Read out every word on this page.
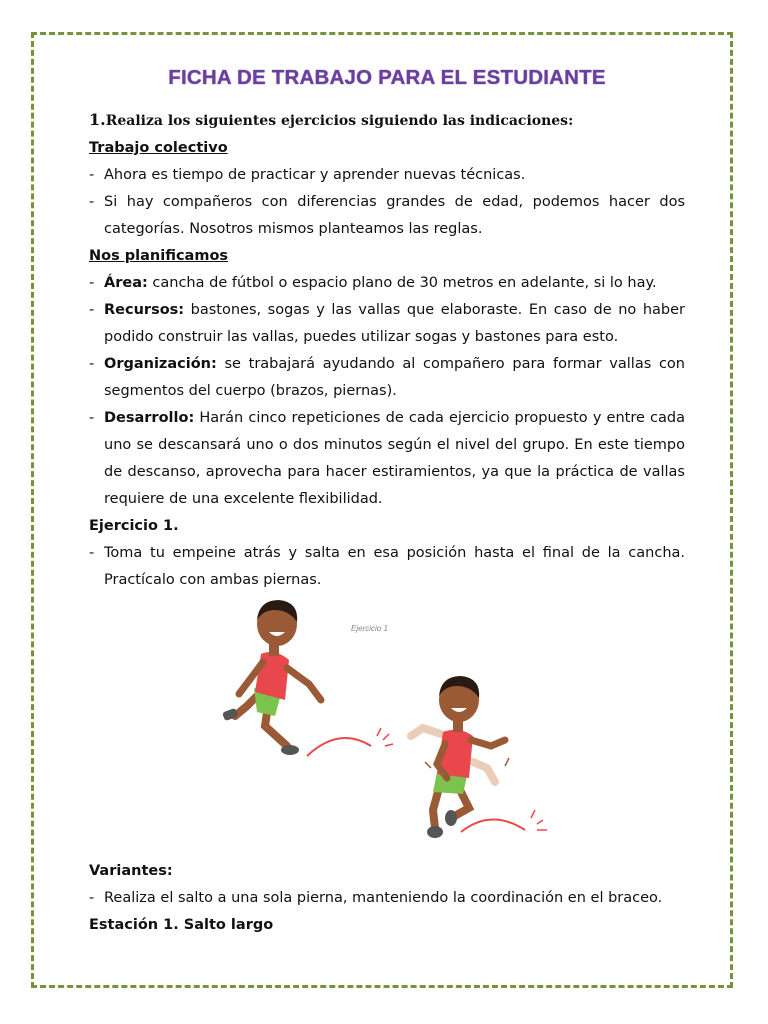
FICHA DE TRABAJO PARA EL ESTUDIANTE

1.Realiza los siguientes ejercicios siguiendo las indicaciones:

Trabajo colectivo

- Ahora es tiempo de practicar y aprender nuevas técnicas.
- Si hay compañeros con diferencias grandes de edad, podemos hacer dos categorías. Nosotros mismos planteamos las reglas.

Nos planificamos

- Área: cancha de fútbol o espacio plano de 30 metros en adelante, si lo hay.
- Recursos: bastones, sogas y las vallas que elaboraste. En caso de no haber podido construir las vallas, puedes utilizar sogas y bastones para esto.
- Organización: se trabajará ayudando al compañero para formar vallas con segmentos del cuerpo (brazos, piernas).
- Desarrollo: Harán cinco repeticiones de cada ejercicio propuesto y entre cada uno se descansará uno o dos minutos según el nivel del grupo. En este tiempo de descanso, aprovecha para hacer estiramientos, ya que la práctica de vallas requiere de una excelente flexibilidad.

Ejercicio 1.

- Toma tu empeine atrás y salta en esa posición hasta el final de la cancha. Practícalo con ambas piernas.
Ejercicio 1

Variantes:

- Realiza el salto a una sola pierna, manteniendo la coordinación en el braceo.

Estación 1. Salto largo
